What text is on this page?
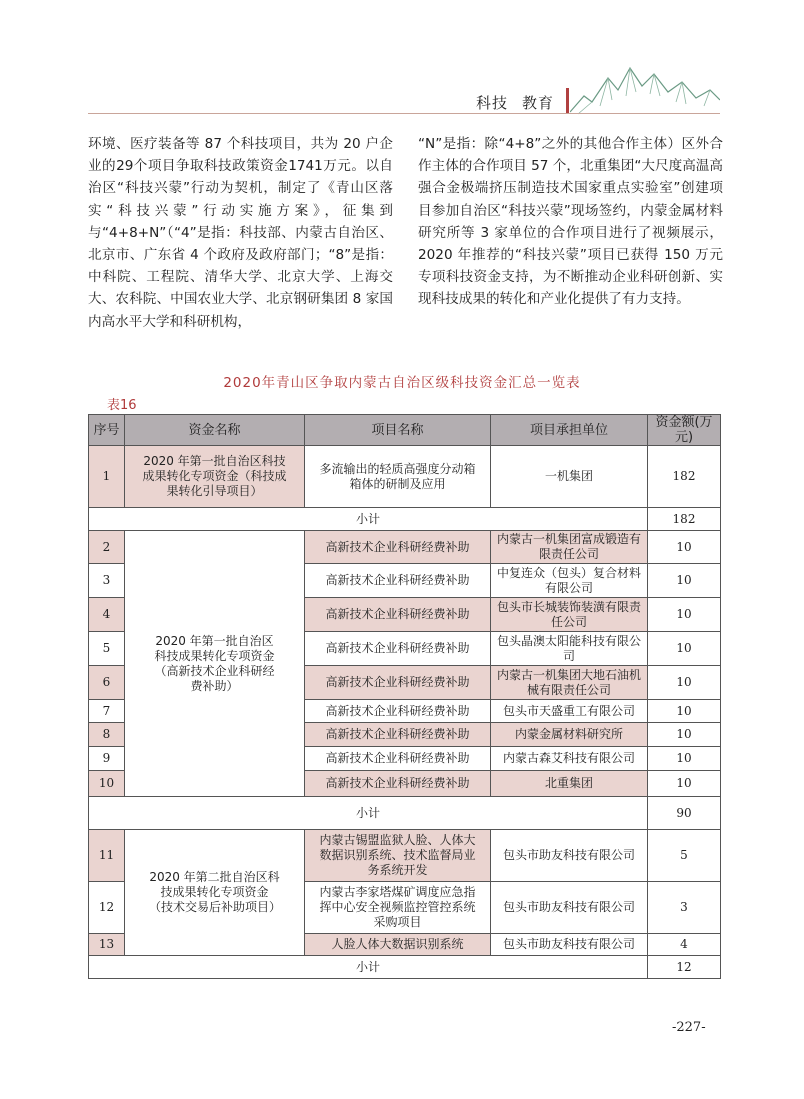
科技 教育

环境、医疗装备等 87 个科技项目，共为 20 户企业的29个项目争取科技政策资金1741万元。以自治区“科技兴蒙”行动为契机，制定了《青山区落实“科技兴蒙”行动实施方案》，征集到与“4+8+N”（“4”是指：科技部、内蒙古自治区、北京市、广东省 4 个政府及政府部门；“8”是指：中科院、工程院、清华大学、北京大学、上海交大、农科院、中国农业大学、北京钢研集团 8 家国内高水平大学和科研机构，

“N”是指：除“4+8”之外的其他合作主体）区外合作主体的合作项目 57 个，北重集团“大尺度高温高强合金极端挤压制造技术国家重点实验室”创建项目参加自治区“科技兴蒙”现场签约，内蒙金属材料研究所等 3 家单位的合作项目进行了视频展示，2020 年推荐的“科技兴蒙”项目已获得 150 万元专项科技资金支持，为不断推动企业科研创新、实现科技成果的转化和产业化提供了有力支持。

2020年青山区争取内蒙古自治区级科技资金汇总一览表
表16
序号	资金名称	项目名称	项目承担单位	资金额(万元)
1	2020 年第一批自治区科技成果转化专项资金（科技成果转化引导项目）	多流输出的轻质高强度分动箱箱体的研制及应用	一机集团	182
小计				182
2	2020 年第一批自治区科技成果转化专项资金（高新技术企业科研经费补助）	高新技术企业科研经费补助	内蒙古一机集团富成锻造有限责任公司	10
3		高新技术企业科研经费补助	中复连众（包头）复合材料有限公司	10
4		高新技术企业科研经费补助	包头市长城装饰装潢有限责任公司	10
5		高新技术企业科研经费补助	包头晶澳太阳能科技有限公司	10
6		高新技术企业科研经费补助	内蒙古一机集团大地石油机械有限责任公司	10
7		高新技术企业科研经费补助	包头市天盛重工有限公司	10
8		高新技术企业科研经费补助	内蒙金属材料研究所	10
9		高新技术企业科研经费补助	内蒙古森艾科技有限公司	10
10		高新技术企业科研经费补助	北重集团	10
小计				90
11	2020 年第二批自治区科技成果转化专项资金（技术交易后补助项目）	内蒙古锡盟监狱人脸、人体大数据识别系统、技术监督局业务系统开发	包头市助友科技有限公司	5
12		内蒙古李家塔煤矿调度应急指挥中心安全视频监控管控系统采购项目	包头市助友科技有限公司	3
13		人脸人体大数据识别系统	包头市助友科技有限公司	4
小计				12
-227-
